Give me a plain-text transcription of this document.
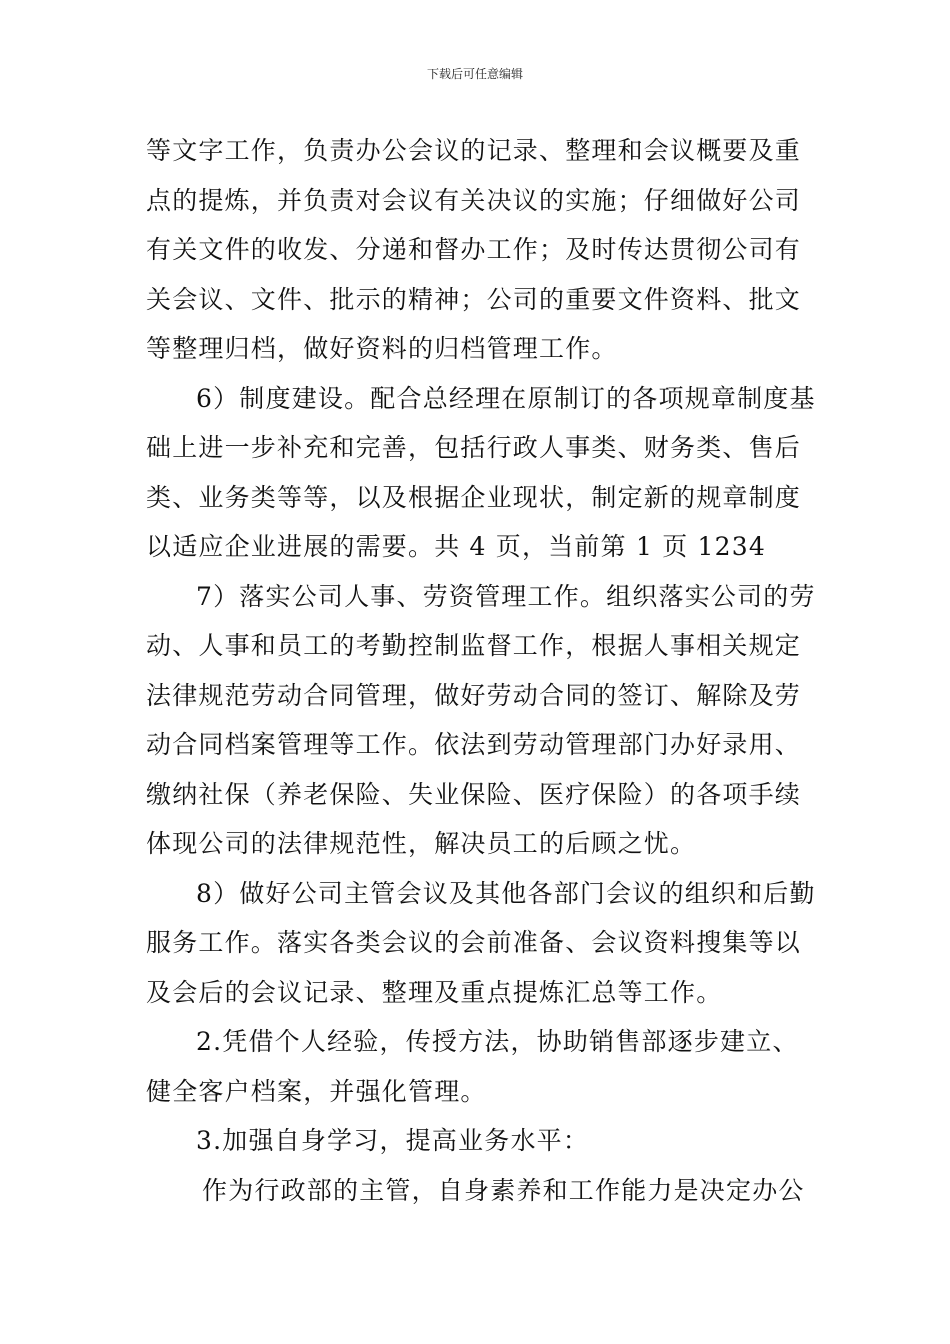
下载后可任意编辑
等文字工作，负责办公会议的记录、整理和会议概要及重
点的提炼，并负责对会议有关决议的实施；仔细做好公司
有关文件的收发、分递和督办工作；及时传达贯彻公司有
关会议、文件、批示的精神；公司的重要文件资料、批文
等整理归档，做好资料的归档管理工作。
6）制度建设。配合总经理在原制订的各项规章制度基
础上进一步补充和完善，包括行政人事类、财务类、售后
类、业务类等等，以及根据企业现状，制定新的规章制度
以适应企业进展的需要。共 4 页，当前第 1 页 1234
7）落实公司人事、劳资管理工作。组织落实公司的劳
动、人事和员工的考勤控制监督工作，根据人事相关规定
法律规范劳动合同管理，做好劳动合同的签订、解除及劳
动合同档案管理等工作。依法到劳动管理部门办好录用、
缴纳社保（养老保险、失业保险、医疗保险）的各项手续
体现公司的法律规范性，解决员工的后顾之忧。
8）做好公司主管会议及其他各部门会议的组织和后勤
服务工作。落实各类会议的会前准备、会议资料搜集等以
及会后的会议记录、整理及重点提炼汇总等工作。
2.凭借个人经验，传授方法，协助销售部逐步建立、
健全客户档案，并强化管理。
3.加强自身学习，提高业务水平：
作为行政部的主管，自身素养和工作能力是决定办公
